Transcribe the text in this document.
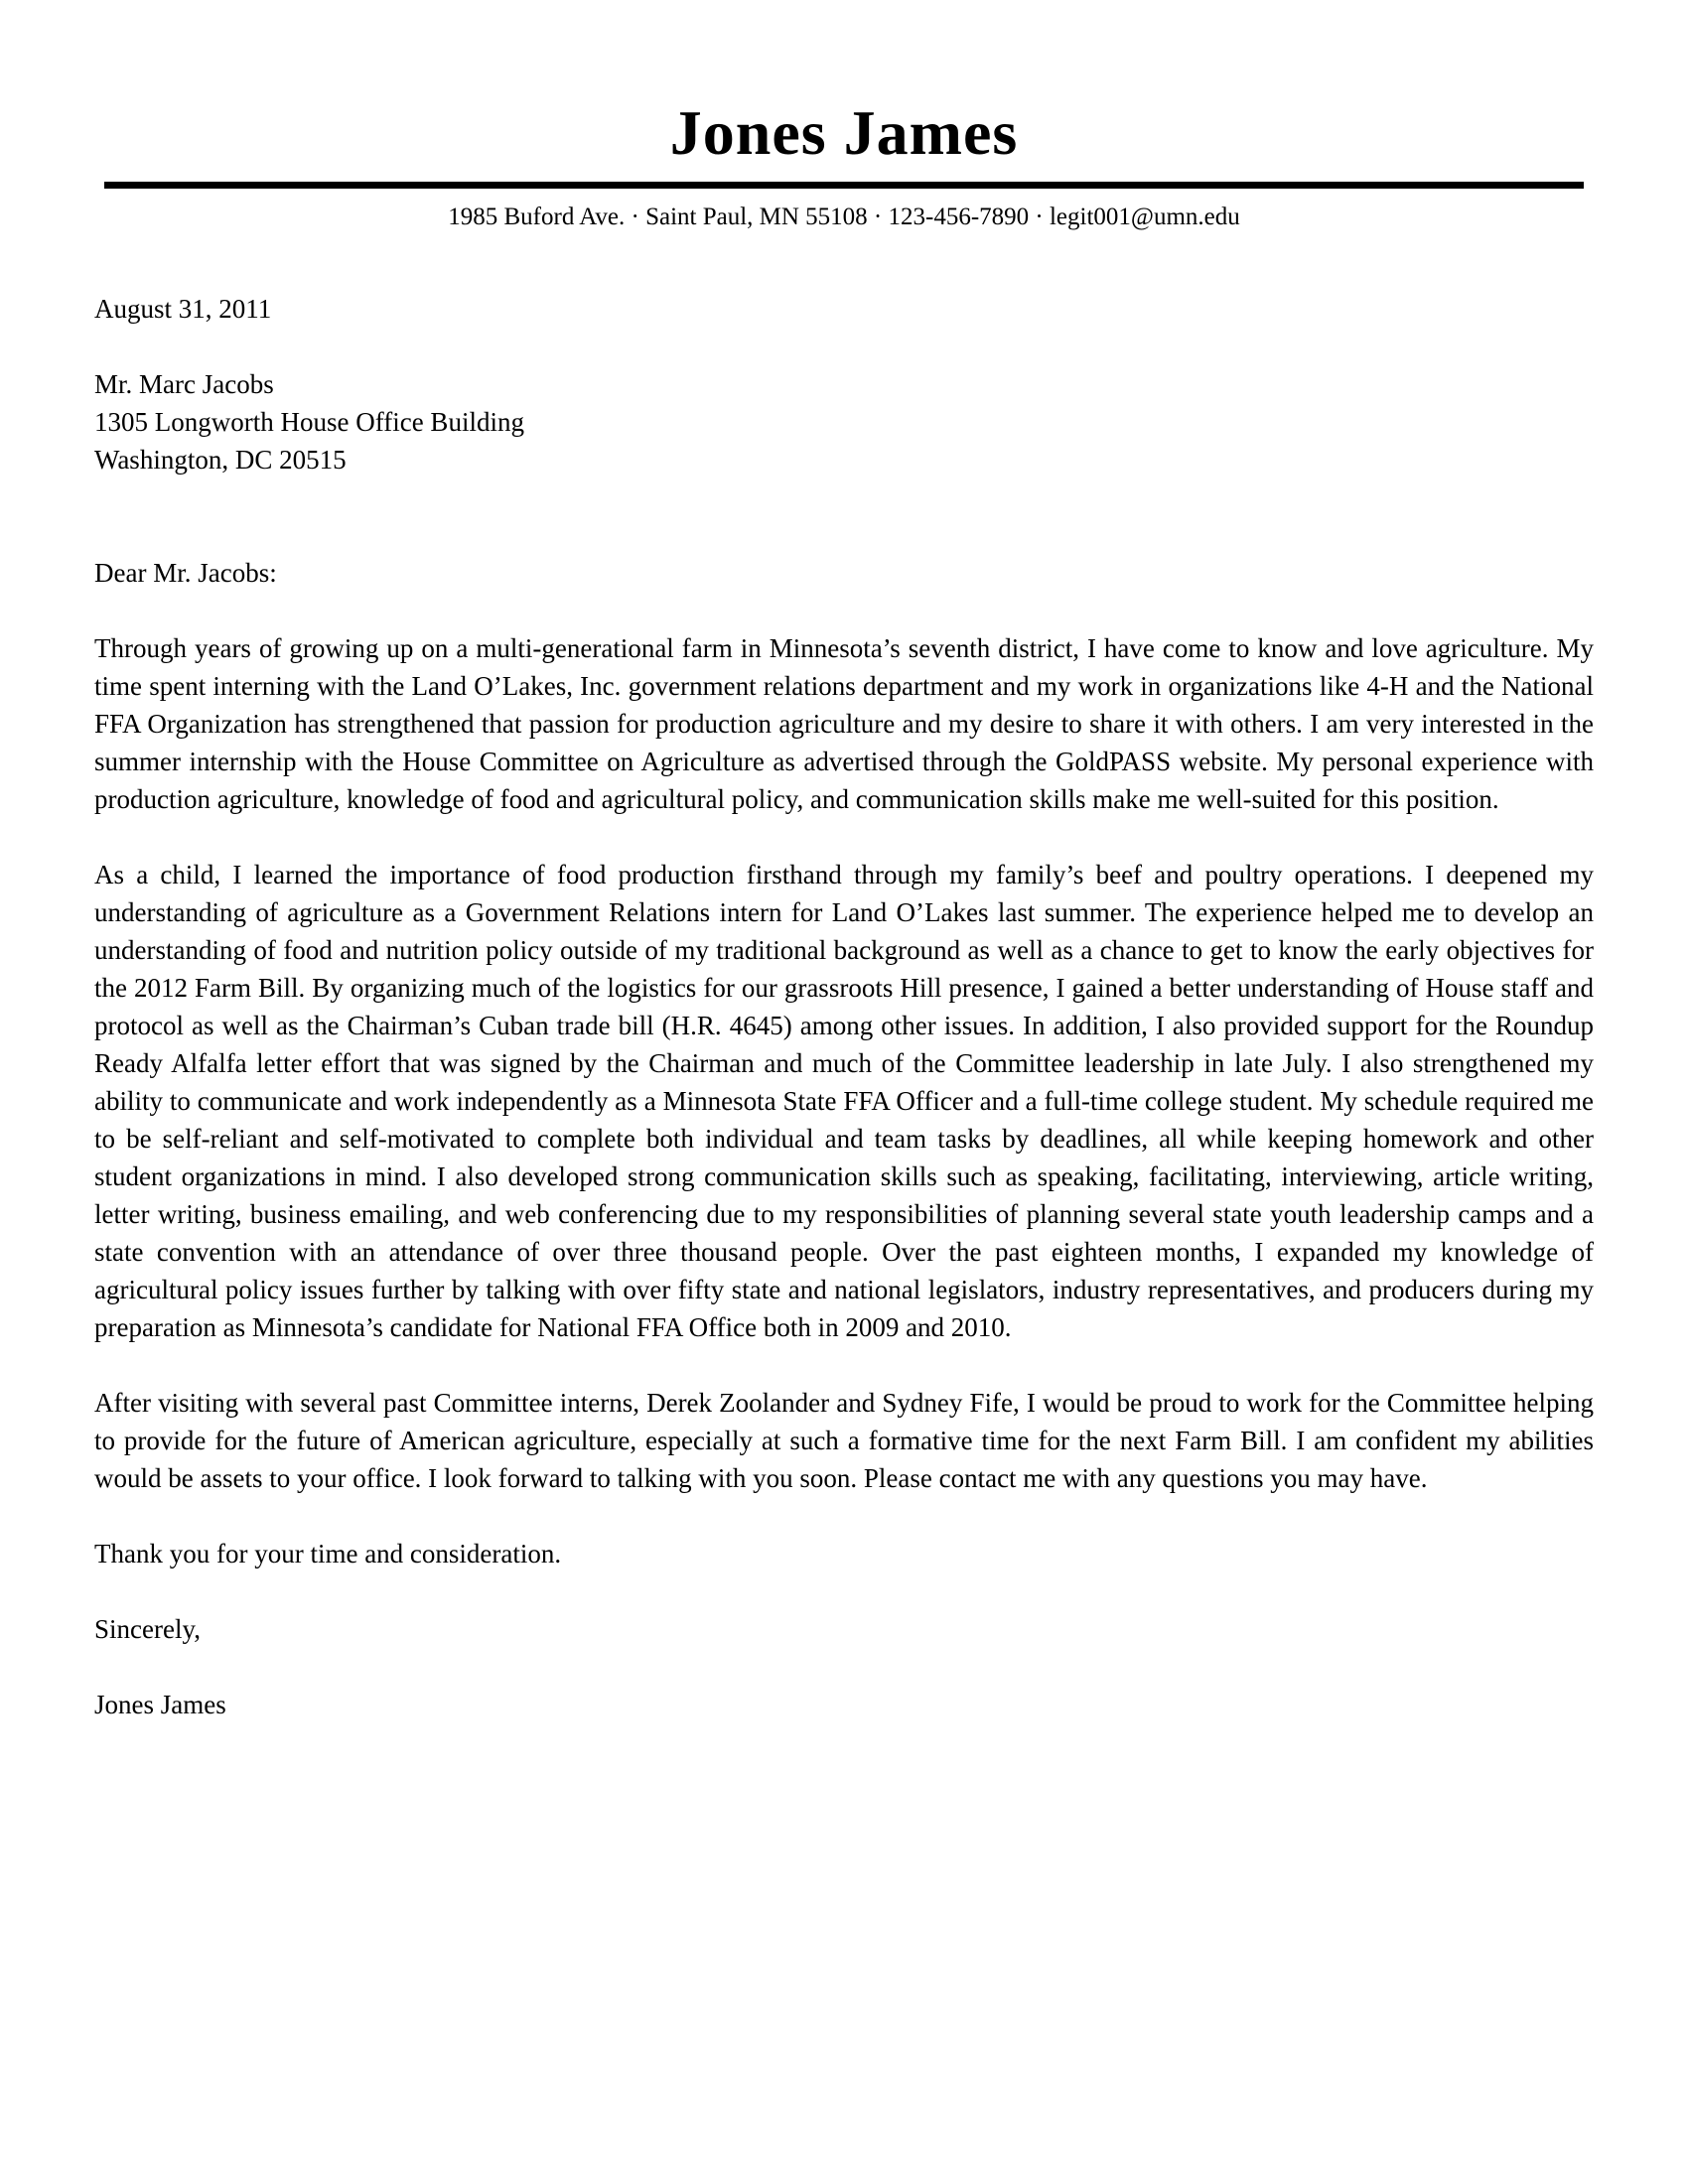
Jones James
1985 Buford Ave. · Saint Paul, MN 55108 · 123-456-7890 · legit001@umn.edu
August 31, 2011
Mr. Marc Jacobs
1305 Longworth House Office Building
Washington, DC 20515
Dear Mr. Jacobs:

Through years of growing up on a multi-generational farm in Minnesota’s seventh district, I have come to know and love agriculture. My time spent interning with the Land O’Lakes, Inc. government relations department and my work in organizations like 4-H and the National FFA Organization has strengthened that passion for production agriculture and my desire to share it with others. I am very interested in the summer internship with the House Committee on Agriculture as advertised through the GoldPASS website. My personal experience with production agriculture, knowledge of food and agricultural policy, and communication skills make me well-suited for this position.

As a child, I learned the importance of food production firsthand through my family’s beef and poultry operations. I deepened my understanding of agriculture as a Government Relations intern for Land O’Lakes last summer. The experience helped me to develop an understanding of food and nutrition policy outside of my traditional background as well as a chance to get to know the early objectives for the 2012 Farm Bill. By organizing much of the logistics for our grassroots Hill presence, I gained a better understanding of House staff and protocol as well as the Chairman’s Cuban trade bill (H.R. 4645) among other issues. In addition, I also provided support for the Roundup Ready Alfalfa letter effort that was signed by the Chairman and much of the Committee leadership in late July. I also strengthened my ability to communicate and work independently as a Minnesota State FFA Officer and a full-time college student. My schedule required me to be self-reliant and self-motivated to complete both individual and team tasks by deadlines, all while keeping homework and other student organizations in mind. I also developed strong communication skills such as speaking, facilitating, interviewing, article writing, letter writing, business emailing, and web conferencing due to my responsibilities of planning several state youth leadership camps and a state convention with an attendance of over three thousand people. Over the past eighteen months, I expanded my knowledge of agricultural policy issues further by talking with over fifty state and national legislators, industry representatives, and producers during my preparation as Minnesota’s candidate for National FFA Office both in 2009 and 2010.

After visiting with several past Committee interns, Derek Zoolander and Sydney Fife, I would be proud to work for the Committee helping to provide for the future of American agriculture, especially at such a formative time for the next Farm Bill. I am confident my abilities would be assets to your office. I look forward to talking with you soon. Please contact me with any questions you may have.

Thank you for your time and consideration.
Sincerely,
Jones James
